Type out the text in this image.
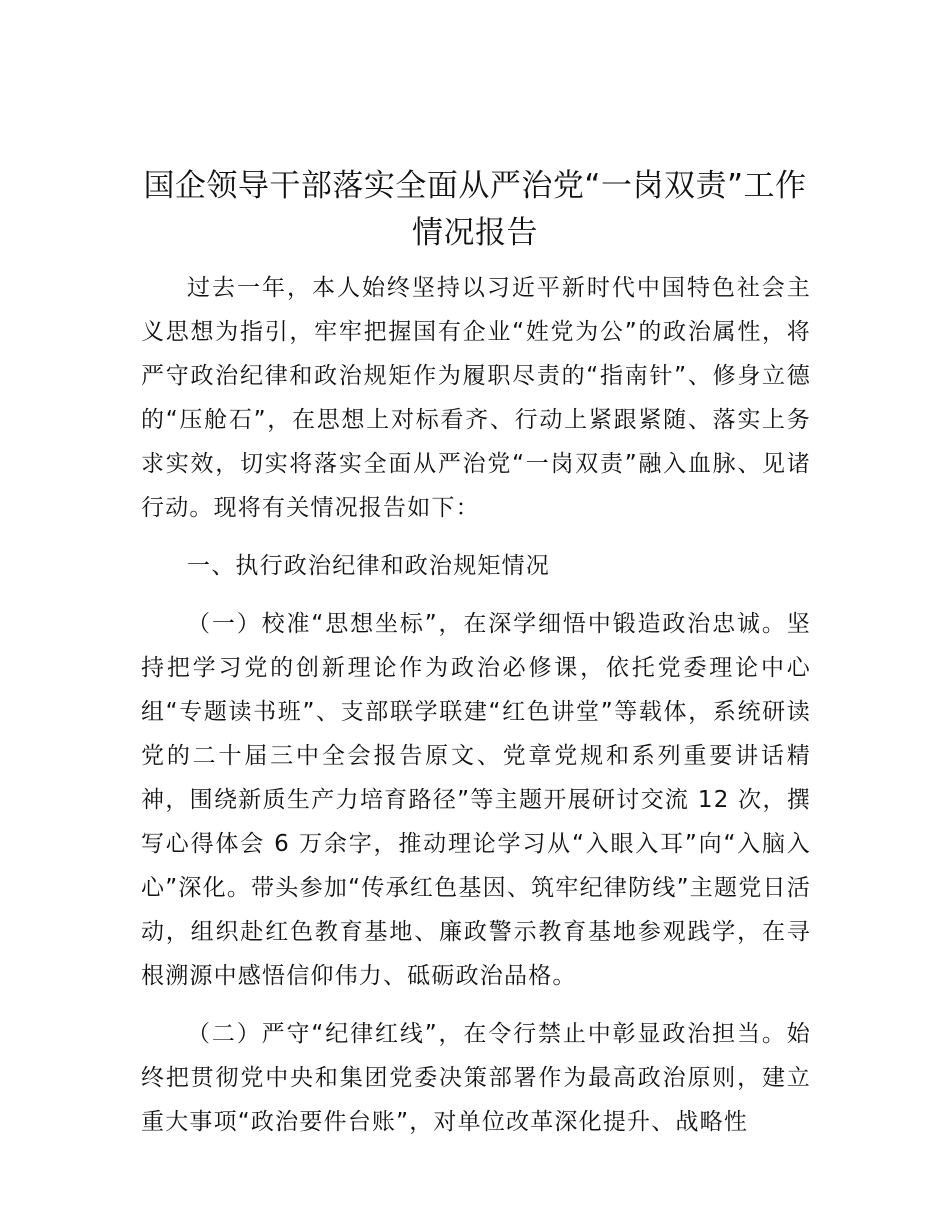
国企领导干部落实全面从严治党“一岗双责”工作情况报告

过去一年，本人始终坚持以习近平新时代中国特色社会主义思想为指引，牢牢把握国有企业“姓党为公”的政治属性，将严守政治纪律和政治规矩作为履职尽责的“指南针”、修身立德的“压舱石”，在思想上对标看齐、行动上紧跟紧随、落实上务求实效，切实将落实全面从严治党“一岗双责”融入血脉、见诸行动。现将有关情况报告如下：

一、执行政治纪律和政治规矩情况

（一）校准“思想坐标”，在深学细悟中锻造政治忠诚。坚持把学习党的创新理论作为政治必修课，依托党委理论中心组“专题读书班”、支部联学联建“红色讲堂”等载体，系统研读党的二十届三中全会报告原文、党章党规和系列重要讲话精神，围绕新质生产力培育路径”等主题开展研讨交流 12 次，撰写心得体会 6 万余字，推动理论学习从“入眼入耳”向“入脑入心”深化。带头参加“传承红色基因、筑牢纪律防线”主题党日活动，组织赴红色教育基地、廉政警示教育基地参观践学，在寻根溯源中感悟信仰伟力、砥砺政治品格。

（二）严守“纪律红线”，在令行禁止中彰显政治担当。始终把贯彻党中央和集团党委决策部署作为最高政治原则，建立重大事项“政治要件台账”，对单位改革深化提升、战略性
